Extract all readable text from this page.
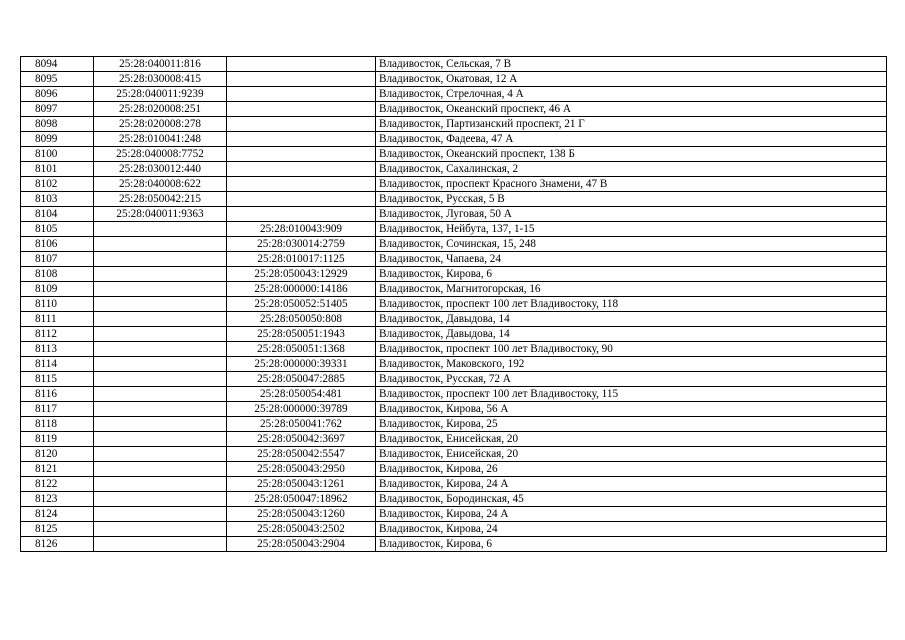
8094	25:28:040011:816		Владивосток, Сельская, 7 В
8095	25:28:030008:415		Владивосток, Окатовая, 12 А
8096	25:28:040011:9239		Владивосток, Стрелочная, 4 А
8097	25:28:020008:251		Владивосток, Океанский проспект, 46 А
8098	25:28:020008:278		Владивосток, Партизанский проспект, 21 Г
8099	25:28:010041:248		Владивосток, Фадеева, 47 А
8100	25:28:040008:7752		Владивосток, Океанский проспект, 138 Б
8101	25:28:030012:440		Владивосток, Сахалинская, 2
8102	25:28:040008:622		Владивосток, проспект Красного Знамени, 47 В
8103	25:28:050042:215		Владивосток, Русская, 5 В
8104	25:28:040011:9363		Владивосток, Луговая, 50 А
8105		25:28:010043:909	Владивосток, Нейбута, 137, 1-15
8106		25:28:030014:2759	Владивосток, Сочинская, 15, 248
8107		25:28:010017:1125	Владивосток, Чапаева, 24
8108		25:28:050043:12929	Владивосток, Кирова, 6
8109		25:28:000000:14186	Владивосток, Магнитогорская, 16
8110		25:28:050052:51405	Владивосток, проспект 100 лет Владивостоку, 118
8111		25:28:050050:808	Владивосток, Давыдова, 14
8112		25:28:050051:1943	Владивосток, Давыдова, 14
8113		25:28:050051:1368	Владивосток, проспект 100 лет Владивостоку, 90
8114		25:28:000000:39331	Владивосток, Маковского, 192
8115		25:28:050047:2885	Владивосток, Русская, 72 А
8116		25:28:050054:481	Владивосток, проспект 100 лет Владивостоку, 115
8117		25:28:000000:39789	Владивосток, Кирова, 56 А
8118		25:28:050041:762	Владивосток, Кирова, 25
8119		25:28:050042:3697	Владивосток, Енисейская, 20
8120		25:28:050042:5547	Владивосток, Енисейская, 20
8121		25:28:050043:2950	Владивосток, Кирова, 26
8122		25:28:050043:1261	Владивосток, Кирова, 24 А
8123		25:28:050047:18962	Владивосток, Бородинская, 45
8124		25:28:050043:1260	Владивосток, Кирова, 24 А
8125		25:28:050043:2502	Владивосток, Кирова, 24
8126		25:28:050043:2904	Владивосток, Кирова, 6
